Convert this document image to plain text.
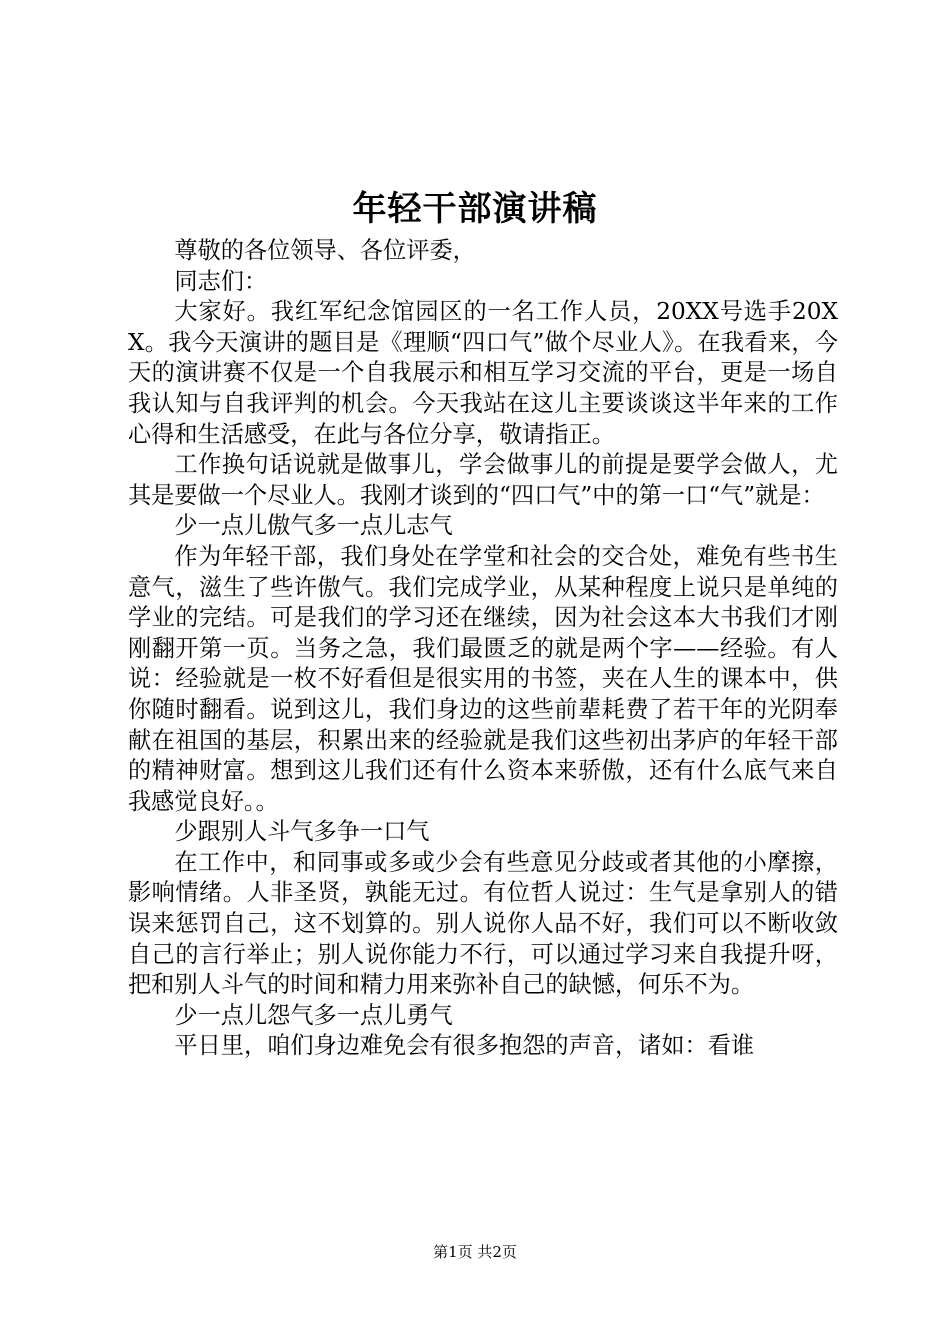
年轻干部演讲稿

尊敬的各位领导、各位评委，

同志们：

大家好。我红军纪念馆园区的一名工作人员，20XX号选手20XX。我今天演讲的题目是《理顺“四口气”做个尽业人》。在我看来，今天的演讲赛不仅是一个自我展示和相互学习交流的平台，更是一场自我认知与自我评判的机会。今天我站在这儿主要谈谈这半年来的工作心得和生活感受，在此与各位分享，敬请指正。

工作换句话说就是做事儿，学会做事儿的前提是要学会做人，尤其是要做一个尽业人。我刚才谈到的“四口气”中的第一口“气”就是：

少一点儿傲气多一点儿志气

作为年轻干部，我们身处在学堂和社会的交合处，难免有些书生意气，滋生了些许傲气。我们完成学业，从某种程度上说只是单纯的学业的完结。可是我们的学习还在继续，因为社会这本大书我们才刚刚翻开第一页。当务之急，我们最匮乏的就是两个字——经验。有人说：经验就是一枚不好看但是很实用的书签，夹在人生的课本中，供你随时翻看。说到这儿，我们身边的这些前辈耗费了若干年的光阴奉献在祖国的基层，积累出来的经验就是我们这些初出茅庐的年轻干部的精神财富。想到这儿我们还有什么资本来骄傲，还有什么底气来自我感觉良好。。

少跟别人斗气多争一口气

在工作中，和同事或多或少会有些意见分歧或者其他的小摩擦，影响情绪。人非圣贤，孰能无过。有位哲人说过：生气是拿别人的错误来惩罚自己，这不划算的。别人说你人品不好，我们可以不断收敛自己的言行举止；别人说你能力不行，可以通过学习来自我提升呀，把和别人斗气的时间和精力用来弥补自己的缺憾，何乐不为。

少一点儿怨气多一点儿勇气

平日里，咱们身边难免会有很多抱怨的声音，诸如：看谁

第1页 共2页
